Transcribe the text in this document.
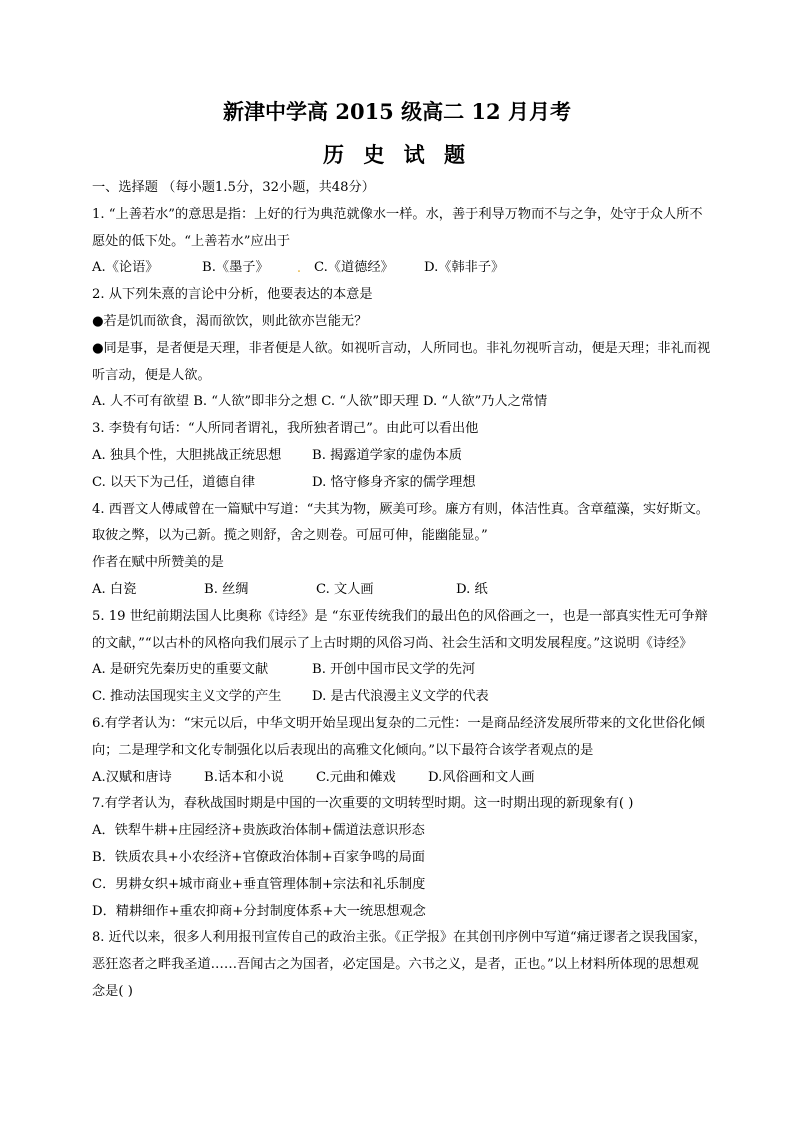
新津中学高 2015 级高二 12 月月考
历 史 试 题
一、选择题 （每小题1.5分，32小题，共48分）
1. “上善若水”的意思是指：上好的行为典范就像水一样。水，善于利导万物而不与之争，处守于众人所不
愿处的低下处。“上善若水”应出于
A.《论语》	B.《墨子》	. C.《道德经》	D.《韩非子》
2. 从下列朱熹的言论中分析，他要表达的本意是
●若是饥而欲食，渴而欲饮，则此欲亦岂能无？
●同是事，是者便是天理，非者便是人欲。如视听言动，人所同也。非礼勿视听言动，便是天理；非礼而视
听言动，便是人欲。
A. 人不可有欲望 B. “人欲”即非分之想 C. “人欲”即天理 D. “人欲”乃人之常情
3. 李贽有句话：“人所同者谓礼，我所独者谓己”。由此可以看出他
A. 独具个性，大胆挑战正统思想	B. 揭露道学家的虚伪本质
C. 以天下为己任，道德自律	D. 恪守修身齐家的儒学理想
4. 西晋文人傅咸曾在一篇赋中写道：“夫其为物，厥美可珍。廉方有则，体洁性真。含章蕴藻，实好斯文。
取彼之弊，以为己新。揽之则舒，舍之则卷。可屈可伸，能幽能显。”
作者在赋中所赞美的是
A. 白瓷	B. 丝绸	C. 文人画	D. 纸
5. 19 世纪前期法国人比奥称《诗经》是 “东亚传统我们的最出色的风俗画之一，也是一部真实性无可争辩
的文献，”“以古朴的风格向我们展示了上古时期的风俗习尚、社会生活和文明发展程度。”这说明《诗经》
A. 是研究先秦历史的重要文献	B. 开创中国市民文学的先河
C. 推动法国现实主义文学的产生	D. 是古代浪漫主义文学的代表
6.有学者认为：“宋元以后，中华文明开始呈现出复杂的二元性：一是商品经济发展所带来的文化世俗化倾
向；二是理学和文化专制强化以后表现出的高雅文化倾向。”以下最符合该学者观点的是
A.汉赋和唐诗	B.话本和小说	C.元曲和傩戏	D.风俗画和文人画
7.有学者认为，春秋战国时期是中国的一次重要的文明转型时期。这一时期出现的新现象有( )
A．铁犁牛耕+庄园经济+贵族政治体制+儒道法意识形态
B．铁质农具+小农经济+官僚政治体制+百家争鸣的局面
C．男耕女织+城市商业+垂直管理体制+宗法和礼乐制度
D．精耕细作+重农抑商+分封制度体系+大一统思想观念
8. 近代以来，很多人利用报刊宣传自己的政治主张。《正学报》在其创刊序例中写道“痛迂谬者之误我国家，
恶狂恣者之畔我圣道……吾闻古之为国者，必定国是。六书之义，是者，正也。”以上材料所体现的思想观
念是( )
